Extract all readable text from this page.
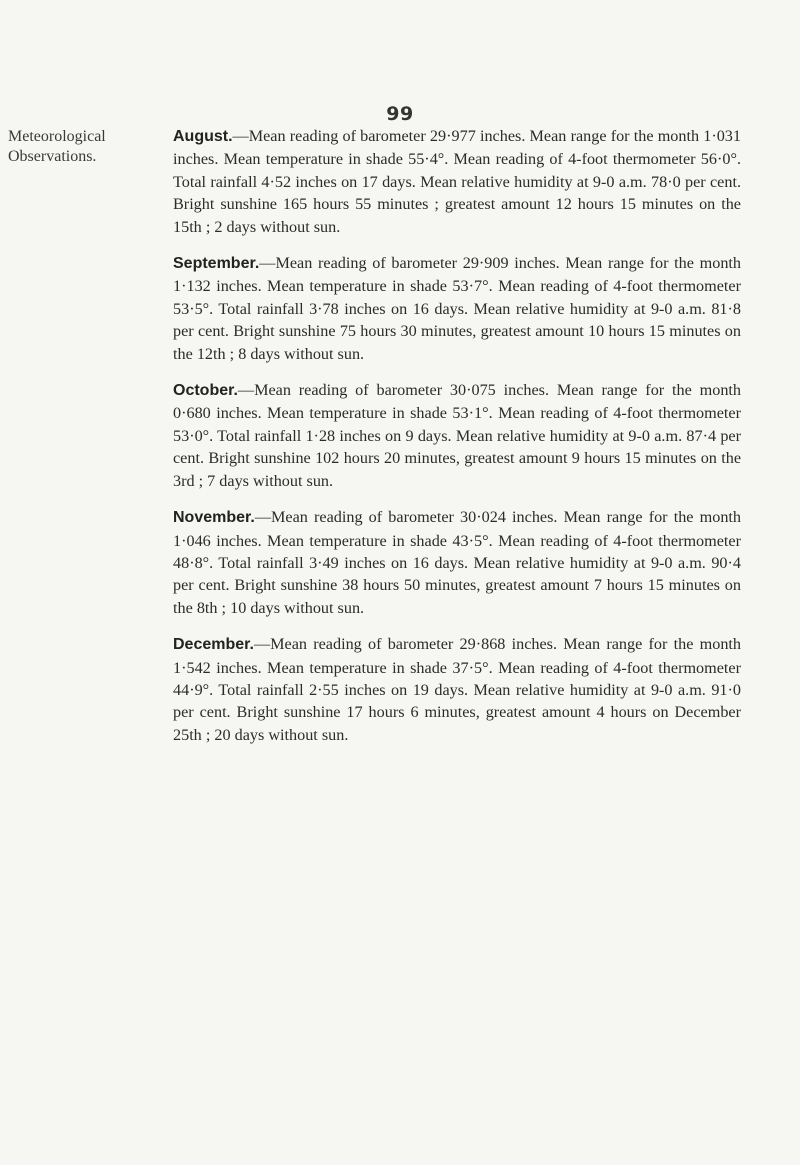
99
Meteorological
Observations.

August.—Mean reading of barometer 29·977 inches. Mean range for the month 1·031 inches. Mean temperature in shade 55·4°. Mean reading of 4-foot thermometer 56·0°. Total rainfall 4·52 inches on 17 days. Mean relative humidity at 9-0 a.m. 78·0 per cent. Bright sunshine 165 hours 55 minutes ; greatest amount 12 hours 15 minutes on the 15th ; 2 days without sun.

September.—Mean reading of barometer 29·909 inches. Mean range for the month 1·132 inches. Mean temperature in shade 53·7°. Mean reading of 4-foot thermometer 53·5°. Total rainfall 3·78 inches on 16 days. Mean relative humidity at 9-0 a.m. 81·8 per cent. Bright sunshine 75 hours 30 minutes, greatest amount 10 hours 15 minutes on the 12th ; 8 days without sun.

October.—Mean reading of barometer 30·075 inches. Mean range for the month 0·680 inches. Mean temperature in shade 53·1°. Mean reading of 4-foot thermometer 53·0°. Total rainfall 1·28 inches on 9 days. Mean relative humidity at 9-0 a.m. 87·4 per cent. Bright sunshine 102 hours 20 minutes, greatest amount 9 hours 15 minutes on the 3rd ; 7 days without sun.

November.—Mean reading of barometer 30·024 inches. Mean range for the month 1·046 inches. Mean temperature in shade 43·5°. Mean reading of 4-foot thermometer 48·8°. Total rainfall 3·49 inches on 16 days. Mean relative humidity at 9-0 a.m. 90·4 per cent. Bright sunshine 38 hours 50 minutes, greatest amount 7 hours 15 minutes on the 8th ; 10 days without sun.

December.—Mean reading of barometer 29·868 inches. Mean range for the month 1·542 inches. Mean temperature in shade 37·5°. Mean reading of 4-foot thermometer 44·9°. Total rainfall 2·55 inches on 19 days. Mean relative humidity at 9-0 a.m. 91·0 per cent. Bright sunshine 17 hours 6 minutes, greatest amount 4 hours on December 25th ; 20 days without sun.
